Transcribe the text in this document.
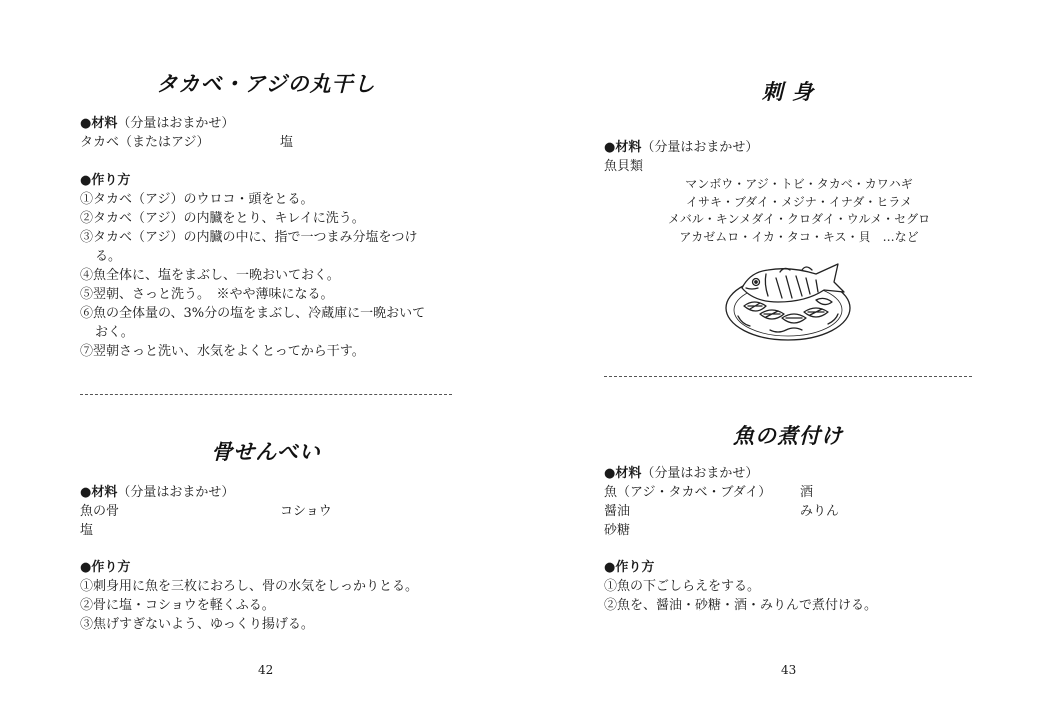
タカベ・アジの丸干し
●材料（分量はおまかせ）
タカベ（またはアジ）	塩
●作り方
①タカベ（アジ）のウロコ・頭をとる。
②タカベ（アジ）の内臓をとり、キレイに洗う。
③タカベ（アジ）の内臓の中に、指で一つまみ分塩をつけ
る。
④魚全体に、塩をまぶし、一晩おいておく。
⑤翌朝、さっと洗う。　※やや薄味になる。
⑥魚の全体量の、3%分の塩をまぶし、冷蔵庫に一晩おいて
おく。
⑦翌朝さっと洗い、水気をよくとってから干す。
骨せんべい
●材料（分量はおまかせ）
魚の骨	コショウ
塩
●作り方
①刺身用に魚を三枚におろし、骨の水気をしっかりとる。
②骨に塩・コショウを軽くふる。
③焦げすぎないよう、ゆっくり揚げる。
42
刺 身
●材料（分量はおまかせ）
魚貝類
マンボウ・アジ・トビ・タカベ・カワハギ
イサキ・ブダイ・メジナ・イナダ・ヒラメ
メバル・キンメダイ・クロダイ・ウルメ・セグロ
アカゼムロ・イカ・タコ・キス・貝　…など
魚の煮付け
●材料（分量はおまかせ）
魚（アジ・タカベ・ブダイ）	酒
醤油	みりん
砂糖
●作り方
①魚の下ごしらえをする。
②魚を、醤油・砂糖・酒・みりんで煮付ける。
43
